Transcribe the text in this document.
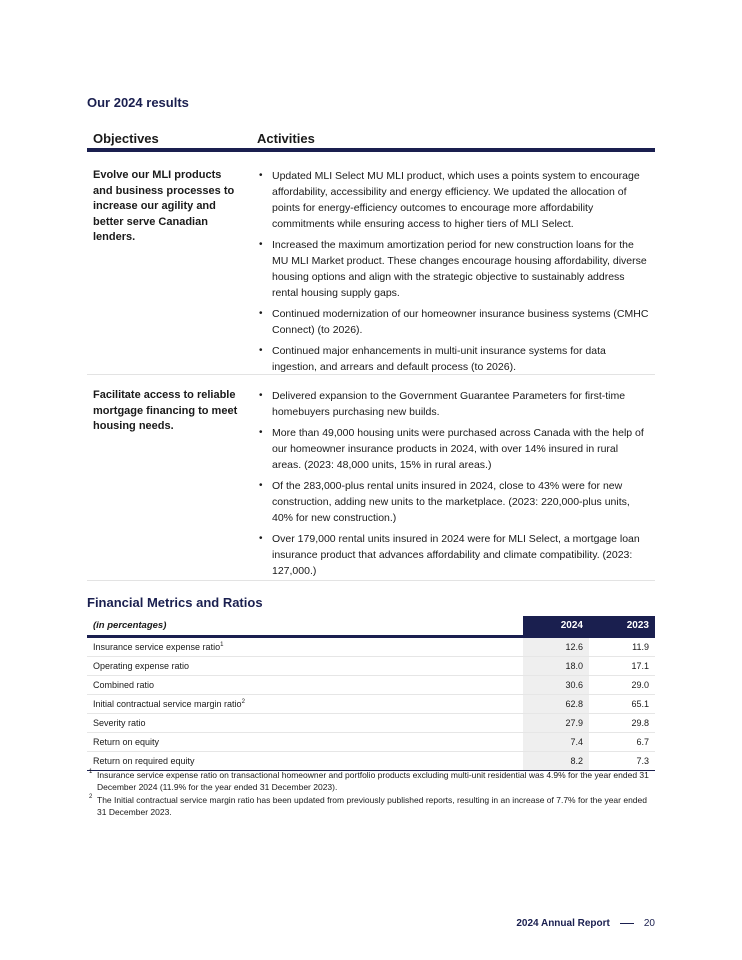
Our 2024 results
Objectives	Activities
Evolve our MLI products and business processes to increase our agility and better serve Canadian lenders.
• Updated MLI Select MU MLI product, which uses a points system to encourage affordability, accessibility and energy efficiency. We updated the allocation of points for energy-efficiency outcomes to encourage more affordability commitments while ensuring access to higher tiers of MLI Select.
• Increased the maximum amortization period for new construction loans for the MU MLI Market product. These changes encourage housing affordability, diverse housing options and align with the strategic objective to sustainably address rental housing supply gaps.
• Continued modernization of our homeowner insurance business systems (CMHC Connect) (to 2026).
• Continued major enhancements in multi-unit insurance systems for data ingestion, and arrears and default process (to 2026).
Facilitate access to reliable mortgage financing to meet housing needs.
• Delivered expansion to the Government Guarantee Parameters for first-time homebuyers purchasing new builds.
• More than 49,000 housing units were purchased across Canada with the help of our homeowner insurance products in 2024, with over 14% insured in rural areas. (2023: 48,000 units, 15% in rural areas.)
• Of the 283,000-plus rental units insured in 2024, close to 43% were for new construction, adding new units to the marketplace. (2023: 220,000-plus units, 40% for new construction.)
• Over 179,000 rental units insured in 2024 were for MLI Select, a mortgage loan insurance product that advances affordability and climate compatibility. (2023: 127,000.)
Financial Metrics and Ratios
(in percentages)	2024	2023
Insurance service expense ratio$^1$	12.6	11.9
Operating expense ratio	18.0	17.1
Combined ratio	30.6	29.0
Initial contractual service margin ratio$^2$	62.8	65.1
Severity ratio	27.9	29.8
Return on equity	7.4	6.7
Return on required equity	8.2	7.3
1 Insurance service expense ratio on transactional homeowner and portfolio products excluding multi-unit residential was 4.9% for the year ended 31 December 2024 (11.9% for the year ended 31 December 2023).
2 The Initial contractual service margin ratio has been updated from previously published reports, resulting in an increase of 7.7% for the year ended 31 December 2023.
2024 Annual Report	20
